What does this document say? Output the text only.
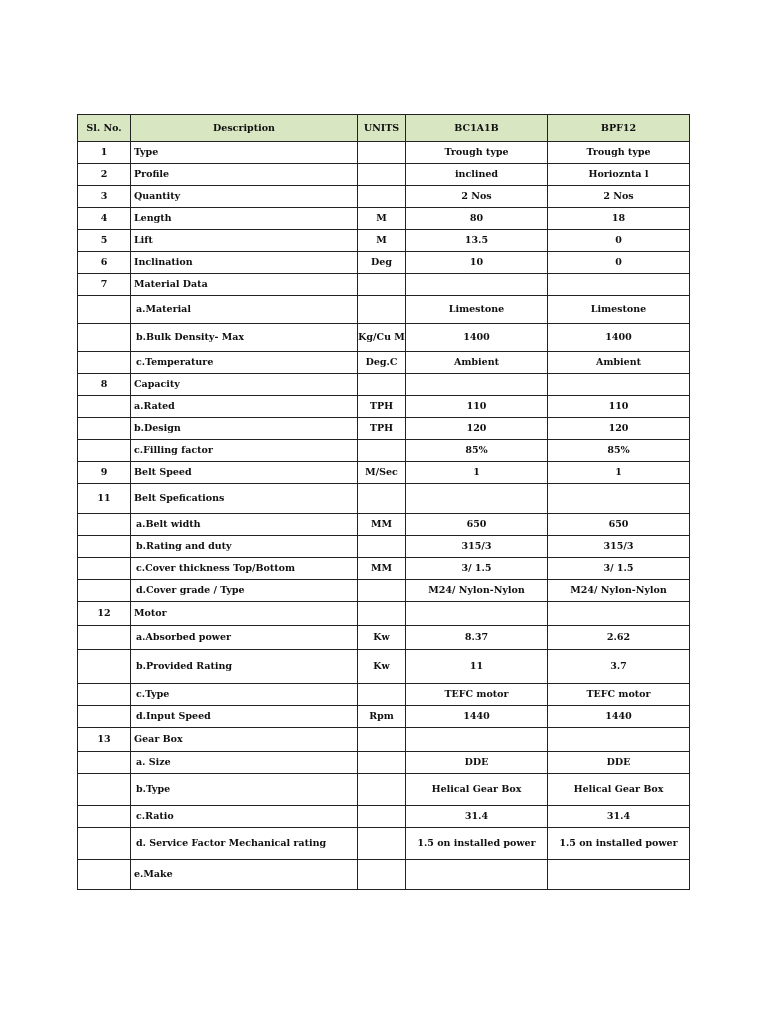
Sl. No.	Description	UNITS	BC1A1B	BPF12
1	Type		Trough type	Trough type
2	Profile		inclined	Horioznta l
3	Quantity		2 Nos	2 Nos
4	Length	M	80	18
5	Lift	M	13.5	0
6	Inclination	Deg	10	0
7	Material Data			
	a.Material		Limestone	Limestone
	b.Bulk Density- Max	Kg/Cu M	1400	1400
	c.Temperature	Deg.C	Ambient	Ambient
8	Capacity			
	a.Rated	TPH	110	110
	b.Design	TPH	120	120
	c.Filling factor		85%	85%
9	Belt Speed	M/Sec	1	1
11	Belt Spefications			
	a.Belt width	MM	650	650
	b.Rating and duty		315/3	315/3
	c.Cover thickness Top/Bottom	MM	3/ 1.5	3/ 1.5
	d.Cover grade / Type		M24/ Nylon-Nylon	M24/ Nylon-Nylon
12	Motor			
	a.Absorbed power	Kw	8.37	2.62
	b.Provided Rating	Kw	11	3.7
	c.Type		TEFC motor	TEFC motor
	d.Input Speed	Rpm	1440	1440
13	Gear Box			
	a. Size		DDE	DDE
	b.Type		Helical Gear Box	Helical Gear Box
	c.Ratio		31.4	31.4
	d. Service Factor Mechanical rating		1.5 on installed power	1.5 on installed power
	e.Make			
